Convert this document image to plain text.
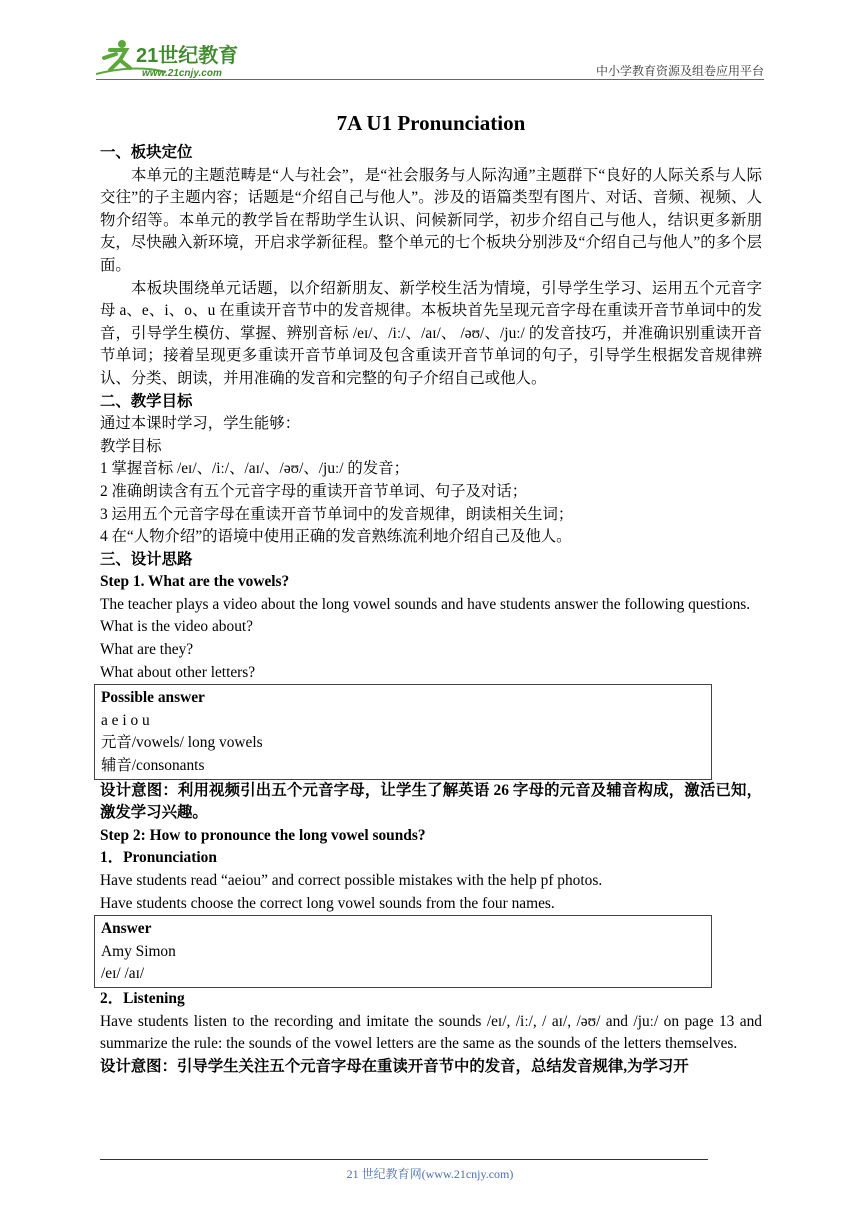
21世纪教育
www.21cnjy.com	中小学教育资源及组卷应用平台
7A U1 Pronunciation

一、板块定位

本单元的主题范畴是“人与社会”，是“社会服务与人际沟通”主题群下“良好的人际关系与人际交往”的子主题内容；话题是“介绍自己与他人”。涉及的语篇类型有图片、对话、音频、视频、人物介绍等。本单元的教学旨在帮助学生认识、问候新同学，初步介绍自己与他人，结识更多新朋友，尽快融入新环境，开启求学新征程。整个单元的七个板块分别涉及“介绍自己与他人”的多个层面。

本板块围绕单元话题，以介绍新朋友、新学校生活为情境，引导学生学习、运用五个元音字母 a、e、i、o、u 在重读开音节中的发音规律。本板块首先呈现元音字母在重读开音节单词中的发音，引导学生模仿、掌握、辨别音标 /eɪ/、/iː/、/aɪ/、 /əʊ/、/juː/ 的发音技巧，并准确识别重读开音节单词；接着呈现更多重读开音节单词及包含重读开音节单词的句子，引导学生根据发音规律辨认、分类、朗读，并用准确的发音和完整的句子介绍自己或他人。

二、教学目标

通过本课时学习，学生能够：

教学目标

1 掌握音标 /eɪ/、/iː/、/aɪ/、/əʊ/、/juː/ 的发音；

2 准确朗读含有五个元音字母的重读开音节单词、句子及对话；

3 运用五个元音字母在重读开音节单词中的发音规律，朗读相关生词；

4 在“人物介绍”的语境中使用正确的发音熟练流利地介绍自己及他人。

三、设计思路

Step 1. What are the vowels?

The teacher plays a video about the long vowel sounds and have students answer the following questions.

What is the video about?

What are they?

What about other letters?

Possible answer

a e i o u

元音/vowels/ long vowels

辅音/consonants

设计意图：利用视频引出五个元音字母，让学生了解英语 26 字母的元音及辅音构成，激活已知，激发学习兴趣。

Step 2: How to pronounce the long vowel sounds?

1．Pronunciation

Have students read “aeiou” and correct possible mistakes with the help pf photos.

Have students choose the correct long vowel sounds from the four names.

Answer

Amy Simon

/eɪ/ /aɪ/

2．Listening

Have students listen to the recording and imitate the sounds /eɪ/, /iː/, / aɪ/, /əʊ/ and /juː/ on page 13 and summarize the rule: the sounds of the vowel letters are the same as the sounds of the letters themselves.

设计意图：引导学生关注五个元音字母在重读开音节中的发音，总结发音规律,为学习开

21 世纪教育网(www.21cnjy.com)
